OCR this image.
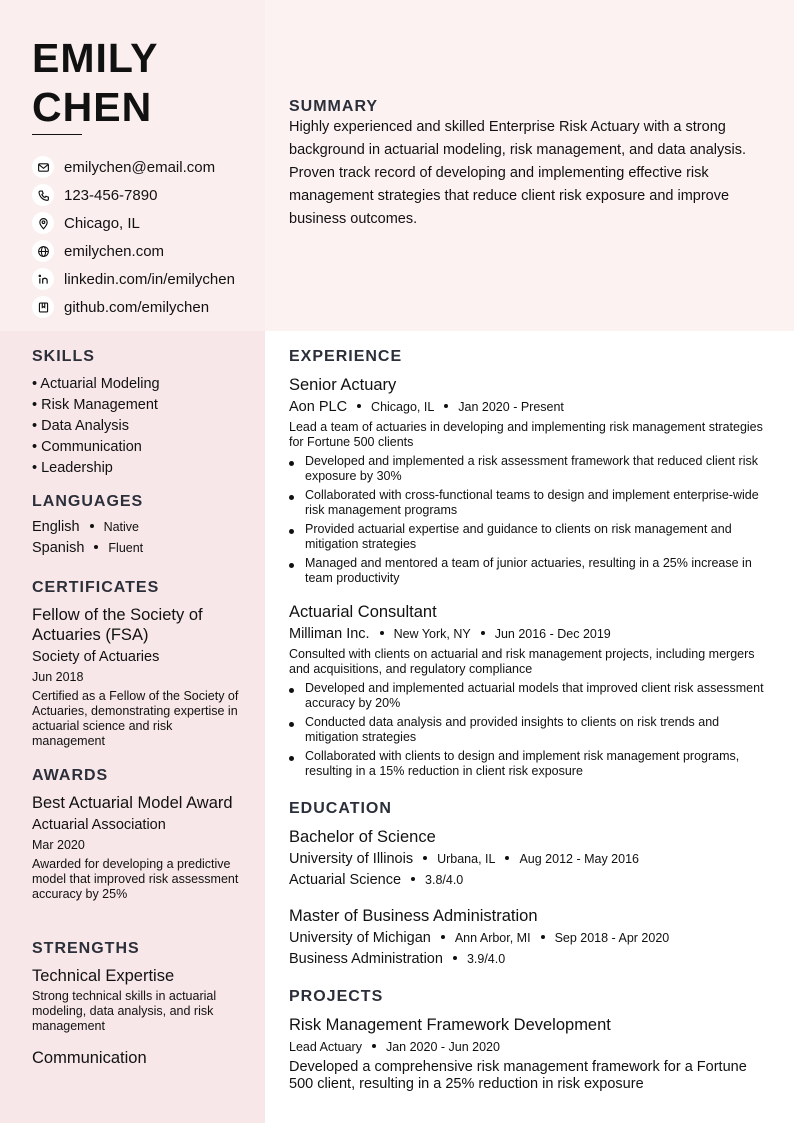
EMILY
CHEN
emilychen@email.com
123-456-7890
Chicago, IL
emilychen.com
linkedin.com/in/emilychen
github.com/emilychen
SUMMARY
Highly experienced and skilled Enterprise Risk Actuary with a strong background in actuarial modeling, risk management, and data analysis. Proven track record of developing and implementing effective risk management strategies that reduce client risk exposure and improve business outcomes.
SKILLS
• Actuarial Modeling
• Risk Management
• Data Analysis
• Communication
• Leadership
LANGUAGES
English Native
Spanish Fluent
CERTIFICATES
Fellow of the Society of Actuaries (FSA)
Society of Actuaries
Jun 2018
Certified as a Fellow of the Society of Actuaries, demonstrating expertise in actuarial science and risk management
AWARDS
Best Actuarial Model Award
Actuarial Association
Mar 2020
Awarded for developing a predictive model that improved risk assessment accuracy by 25%
STRENGTHS
Technical Expertise
Strong technical skills in actuarial modeling, data analysis, and risk management
Communication
EXPERIENCE
Senior Actuary
Aon PLC Chicago, IL Jan 2020 - Present
Lead a team of actuaries in developing and implementing risk management strategies for Fortune 500 clients
Developed and implemented a risk assessment framework that reduced client risk exposure by 30%
Collaborated with cross-functional teams to design and implement enterprise-wide risk management programs
Provided actuarial expertise and guidance to clients on risk management and mitigation strategies
Managed and mentored a team of junior actuaries, resulting in a 25% increase in team productivity
Actuarial Consultant
Milliman Inc. New York, NY Jun 2016 - Dec 2019
Consulted with clients on actuarial and risk management projects, including mergers and acquisitions, and regulatory compliance
Developed and implemented actuarial models that improved client risk assessment accuracy by 20%
Conducted data analysis and provided insights to clients on risk trends and mitigation strategies
Collaborated with clients to design and implement risk management programs, resulting in a 15% reduction in client risk exposure
EDUCATION
Bachelor of Science
University of Illinois Urbana, IL Aug 2012 - May 2016
Actuarial Science 3.8/4.0
Master of Business Administration
University of Michigan Ann Arbor, MI Sep 2018 - Apr 2020
Business Administration 3.9/4.0
PROJECTS
Risk Management Framework Development
Lead Actuary Jan 2020 - Jun 2020
Developed a comprehensive risk management framework for a Fortune 500 client, resulting in a 25% reduction in risk exposure
